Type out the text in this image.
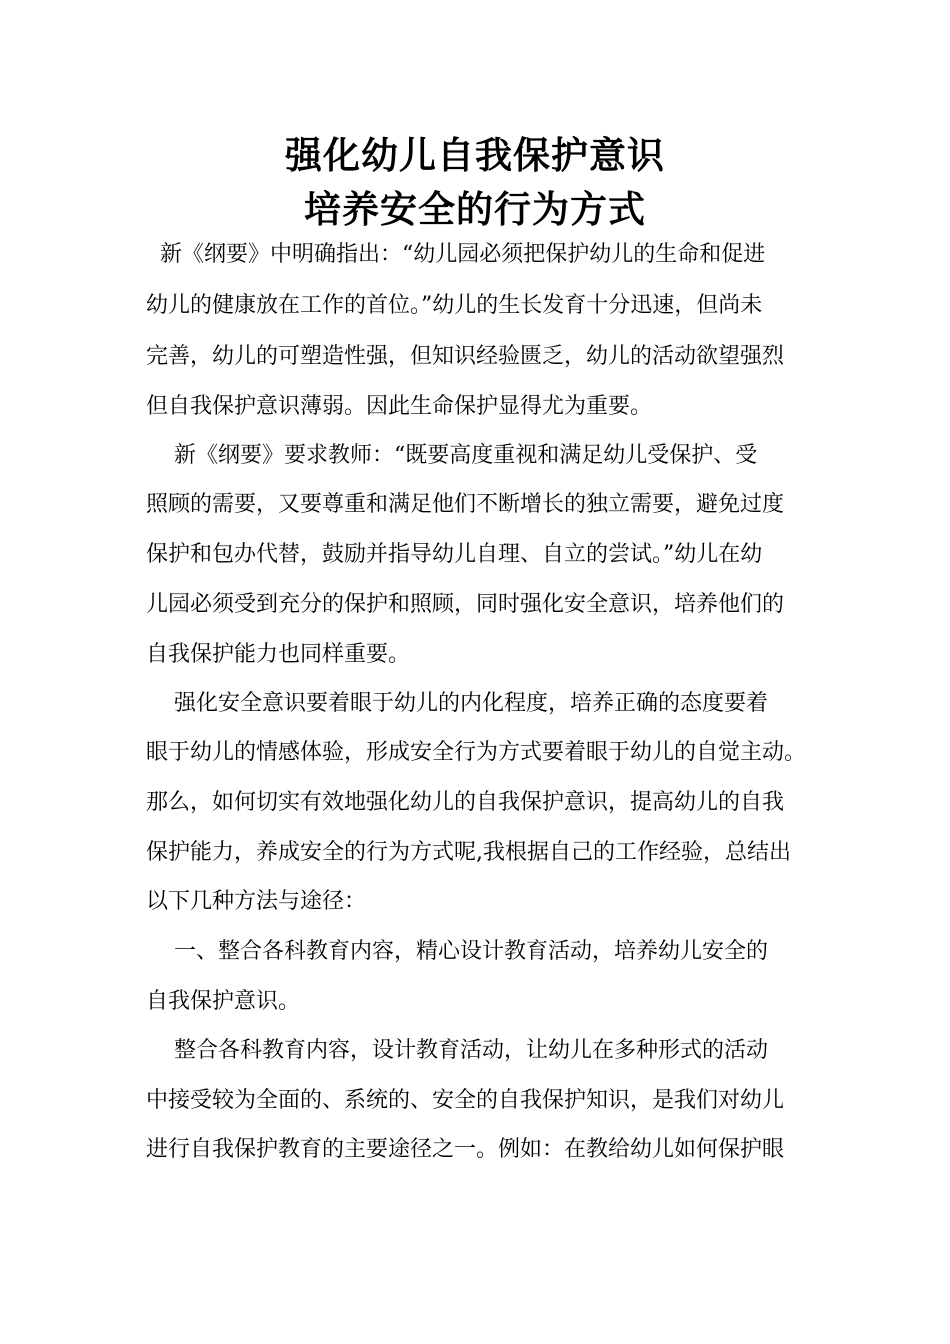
强化幼儿自我保护意识
培养安全的行为方式
新《纲要》中明确指出：“幼儿园必须把保护幼儿的生命和促进
幼儿的健康放在工作的首位。”幼儿的生长发育十分迅速，但尚未
完善，幼儿的可塑造性强，但知识经验匮乏，幼儿的活动欲望强烈
但自我保护意识薄弱。因此生命保护显得尤为重要。
新《纲要》要求教师：“既要高度重视和满足幼儿受保护、受
照顾的需要，又要尊重和满足他们不断增长的独立需要，避免过度
保护和包办代替，鼓励并指导幼儿自理、自立的尝试。”幼儿在幼
儿园必须受到充分的保护和照顾，同时强化安全意识，培养他们的
自我保护能力也同样重要。
强化安全意识要着眼于幼儿的内化程度，培养正确的态度要着
眼于幼儿的情感体验，形成安全行为方式要着眼于幼儿的自觉主动。
那么，如何切实有效地强化幼儿的自我保护意识，提高幼儿的自我
保护能力，养成安全的行为方式呢,我根据自己的工作经验，总结出
以下几种方法与途径：
一、整合各科教育内容，精心设计教育活动，培养幼儿安全的
自我保护意识。
整合各科教育内容，设计教育活动，让幼儿在多种形式的活动
中接受较为全面的、系统的、安全的自我保护知识，是我们对幼儿
进行自我保护教育的主要途径之一。例如：在教给幼儿如何保护眼
